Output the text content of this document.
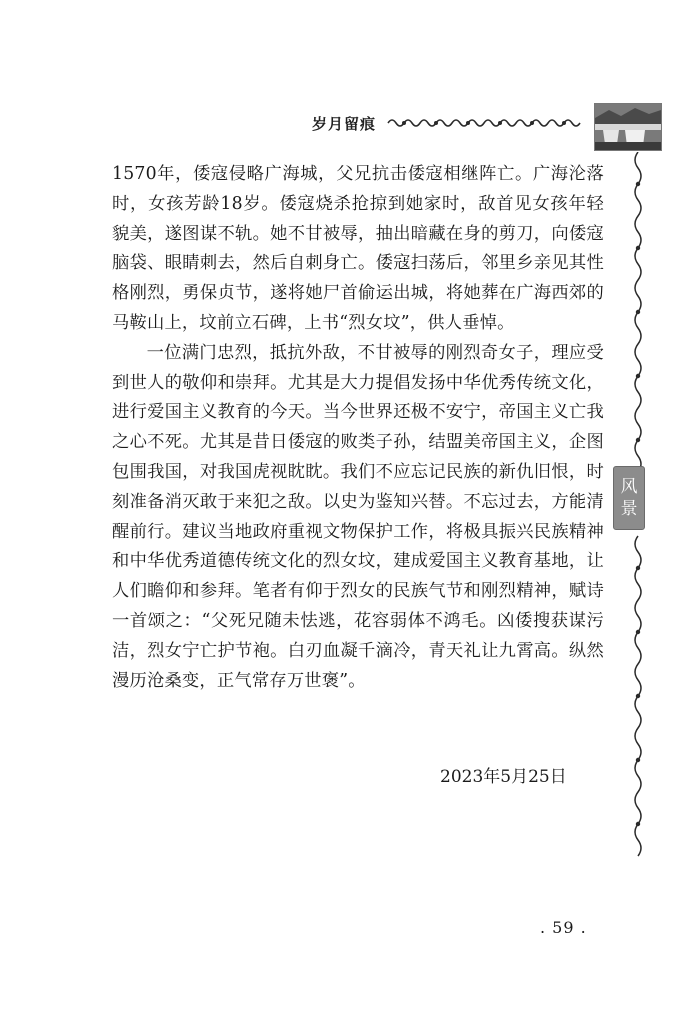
岁月留痕
风
景

1570年，倭寇侵略广海城，父兄抗击倭寇相继阵亡。广海沦落时，女孩芳龄18岁。倭寇烧杀抢掠到她家时，敌首见女孩年轻貌美，遂图谋不轨。她不甘被辱，抽出暗藏在身的剪刀，向倭寇脑袋、眼睛刺去，然后自刺身亡。倭寇扫荡后，邻里乡亲见其性格刚烈，勇保贞节，遂将她尸首偷运出城，将她葬在广海西郊的马鞍山上，坟前立石碑，上书“烈女坟”，供人垂悼。

一位满门忠烈，抵抗外敌，不甘被辱的刚烈奇女子，理应受到世人的敬仰和崇拜。尤其是大力提倡发扬中华优秀传统文化，进行爱国主义教育的今天。当今世界还极不安宁，帝国主义亡我之心不死。尤其是昔日倭寇的败类子孙，结盟美帝国主义，企图包围我国，对我国虎视眈眈。我们不应忘记民族的新仇旧恨，时刻准备消灭敢于来犯之敌。以史为鉴知兴替。不忘过去，方能清醒前行。建议当地政府重视文物保护工作，将极具振兴民族精神和中华优秀道德传统文化的烈女坟，建成爱国主义教育基地，让人们瞻仰和参拜。笔者有仰于烈女的民族气节和刚烈精神，赋诗一首颂之：“父死兄随未怯逃，花容弱体不鸿毛。凶倭搜获谋污洁，烈女宁亡护节袍。白刃血凝千滴冷，青天礼让九霄高。纵然漫历沧桑变，正气常存万世褒”。

2023年5月25日
. 59 .
